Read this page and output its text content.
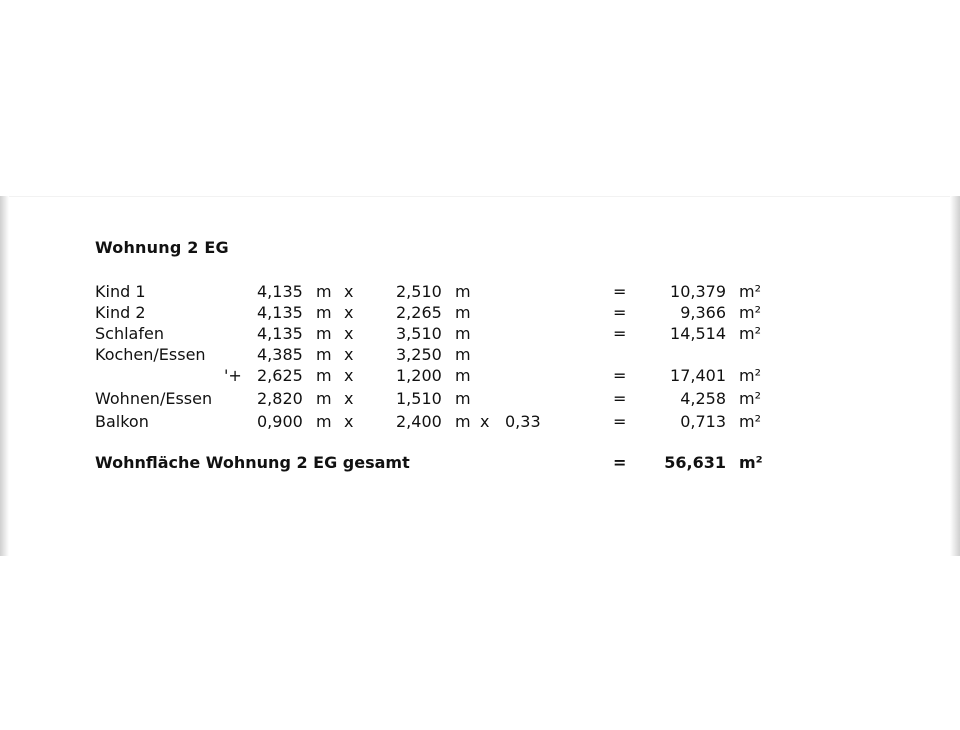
Wohnung 2 EG
Kind 1	4,135 m x	2,510 m	=	10,379 m²
Kind 2	4,135 m x	2,265 m	=	9,366 m²
Schlafen	4,135 m x	3,510 m	=	14,514 m²
Kochen/Essen	4,385 m x	3,250 m
'+ 2,625 m x	1,200 m	=	17,401 m²
Wohnen/Essen	2,820 m x	1,510 m	=	4,258 m²
Balkon	0,900 m x	2,400 m x 0,33	=	0,713 m²
Wohnfläche Wohnung 2 EG gesamt	=	56,631 m²
